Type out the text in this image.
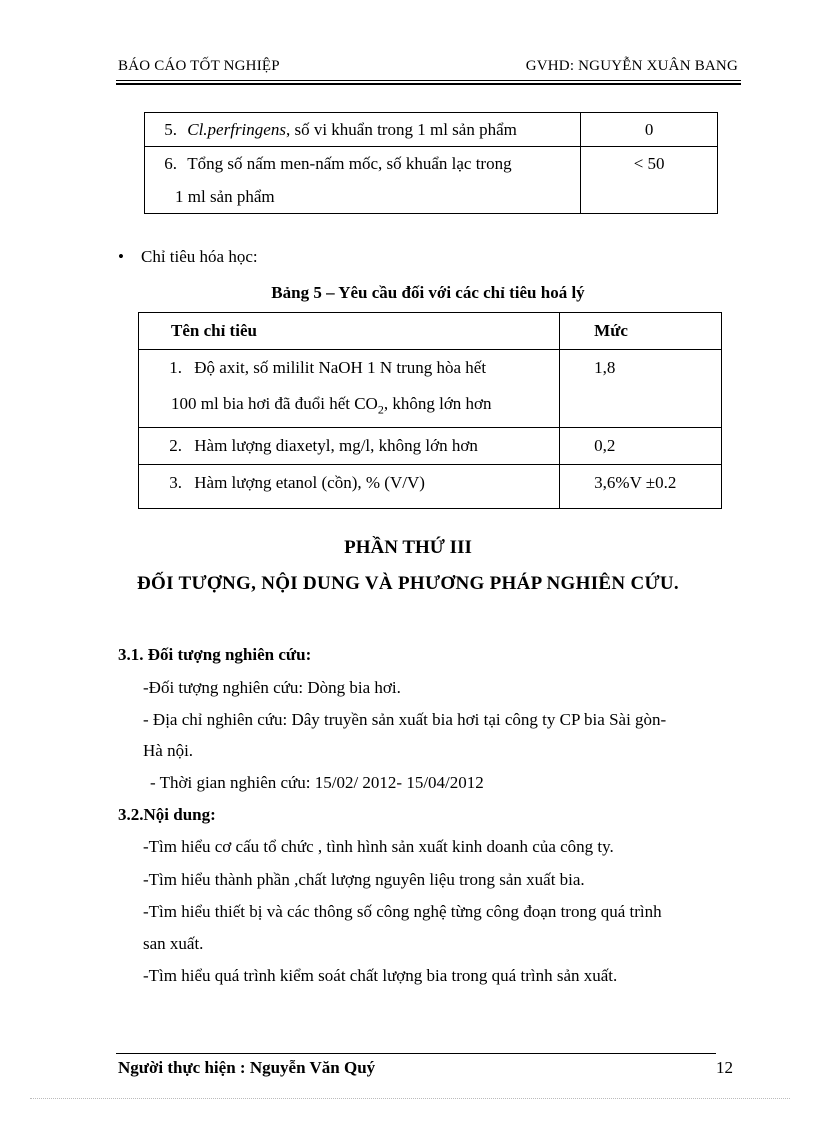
BÁO CÁO TỐT NGHIỆP	GVHD: NGUYỄN XUÂN BANG
5. Cl.perfringens, số vi khuẩn trong 1 ml sản phẩm	0

6. Tổng số nấm men-nấm mốc, số khuẩn lạc trong
1 ml sản phẩm	< 50
• Chỉ tiêu hóa học:
Bảng 5 – Yêu cầu đối với các chỉ tiêu hoá lý
Tên chỉ tiêu	Mức

1. Độ axit, số mililit NaOH 1 N trung hòa hết
100 ml bia hơi đã đuổi hết $CO_2$, không lớn hơn	1,8
2. Hàm lượng diaxetyl, mg/l, không lớn hơn	0,2
3. Hàm lượng etanol (cồn), % (V/V)	3,6%V ±0.2
PHẦN THỨ III
ĐỐI TƯỢNG, NỘI DUNG VÀ PHƯƠNG PHÁP NGHIÊN CỨU.
3.1. Đối tượng nghiên cứu:
-Đối tượng nghiên cứu: Dòng bia hơi.
- Địa chỉ nghiên cứu: Dây truyền sản xuất bia hơi tại công ty CP bia Sài gòn-
Hà nội.
- Thời gian nghiên cứu: 15/02/ 2012- 15/04/2012
3.2.Nội dung:
-Tìm hiểu cơ cấu tổ chức , tình hình sản xuất kinh doanh của công ty.
-Tìm hiểu thành phần ,chất lượng nguyên liệu trong sản xuất bia.
-Tìm hiểu thiết bị và các thông số công nghệ từng công đoạn trong quá trình
san xuất.
-Tìm hiểu quá trình kiểm soát chất lượng bia trong quá trình sản xuất.
Người thực hiện : Nguyễn Văn Quý	12
